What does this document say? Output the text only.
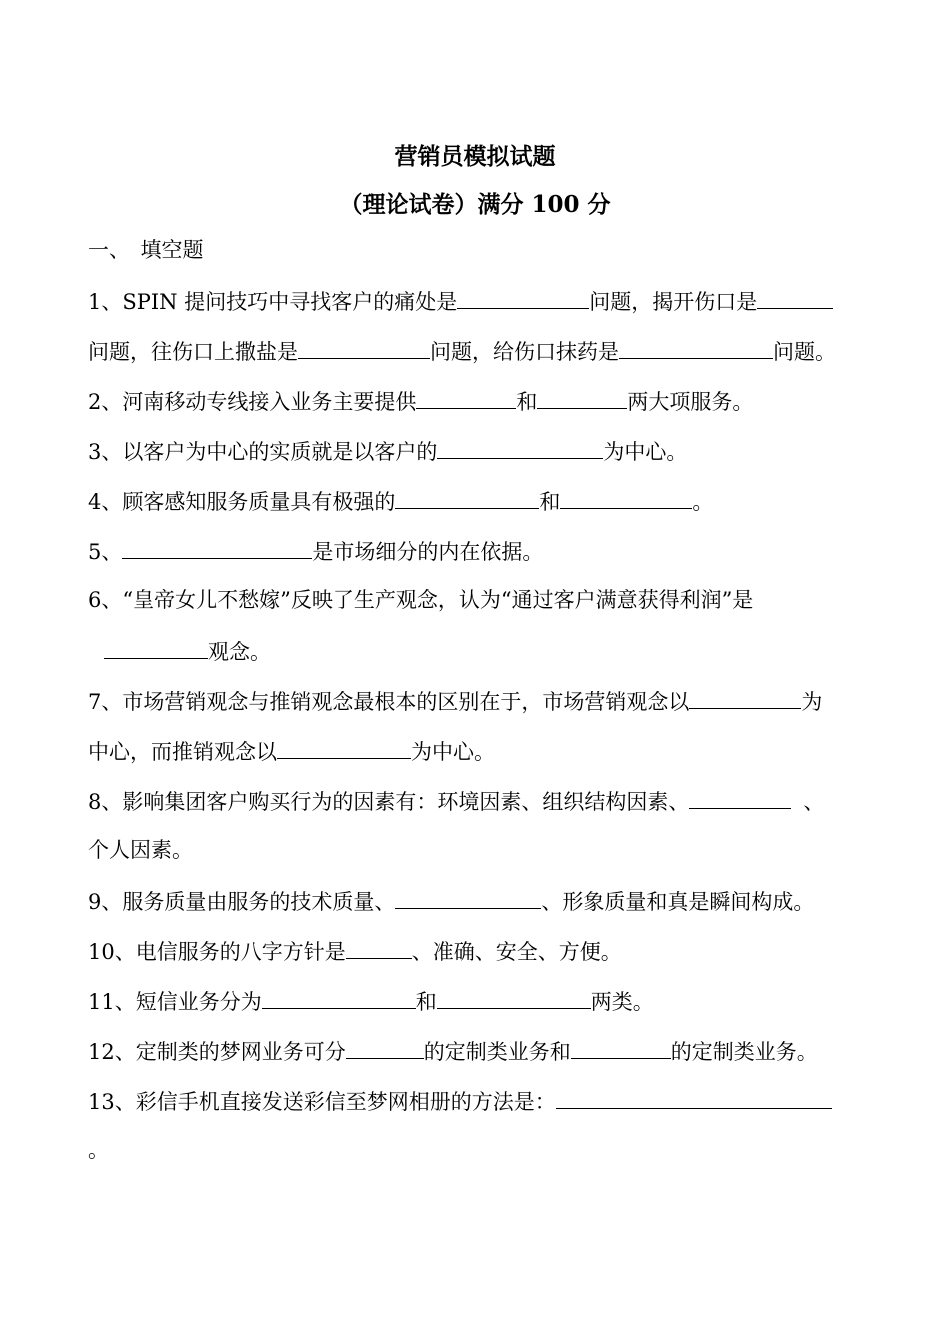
营销员模拟试题
（理论试卷）满分 100 分
一、　填空题
1、SPIN 提问技巧中寻找客户的痛处是	问题，揭开伤口是
问题，往伤口上撒盐是	问题，给伤口抹药是	问题。
2、河南移动专线接入业务主要提供	和	两大项服务。
3、以客户为中心的实质就是以客户的	为中心。
4、顾客感知服务质量具有极强的	和	。
5、	是市场细分的内在依据。
6、“皇帝女儿不愁嫁”反映了生产观念，认为“通过客户满意获得利润”是
观念。
7、市场营销观念与推销观念最根本的区别在于，市场营销观念以	为
中心，而推销观念以	为中心。
8、影响集团客户购买行为的因素有：环境因素、组织结构因素、	、
个人因素。
9、服务质量由服务的技术质量、	、形象质量和真是瞬间构成。
10、电信服务的八字方针是	、准确、安全、方便。
11、短信业务分为	和	两类。
12、定制类的梦网业务可分	的定制类业务和	的定制类业务。
13、彩信手机直接发送彩信至梦网相册的方法是：
。
